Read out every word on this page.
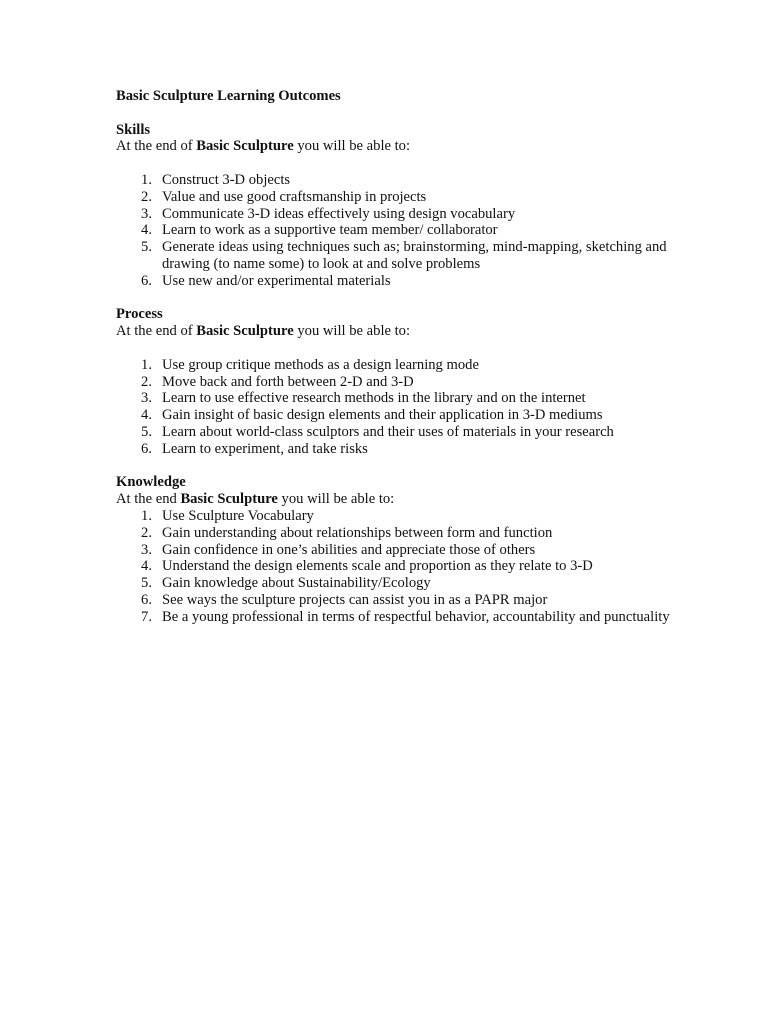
Basic Sculpture Learning Outcomes
Skills

At the end of Basic Sculpture you will be able to:

1. Construct 3-D objects
2. Value and use good craftsmanship in projects
3. Communicate 3-D ideas effectively using design vocabulary
4. Learn to work as a supportive team member/ collaborator
5. Generate ideas using techniques such as; brainstorming, mind-mapping, sketching and drawing (to name some) to look at and solve problems
6. Use new and/or experimental materials
Process

At the end of Basic Sculpture you will be able to:

1. Use group critique methods as a design learning mode
2. Move back and forth between 2-D and 3-D
3. Learn to use effective research methods in the library and on the internet
4. Gain insight of basic design elements and their application in 3-D mediums
5. Learn about world-class sculptors and their uses of materials in your research
6. Learn to experiment, and take risks
Knowledge

At the end Basic Sculpture you will be able to:

1. Use Sculpture Vocabulary
2. Gain understanding about relationships between form and function
3. Gain confidence in one’s abilities and appreciate those of others
4. Understand the design elements scale and proportion as they relate to 3-D
5. Gain knowledge about Sustainability/Ecology
6. See ways the sculpture projects can assist you in as a PAPR major
7. Be a young professional in terms of respectful behavior, accountability and punctuality
